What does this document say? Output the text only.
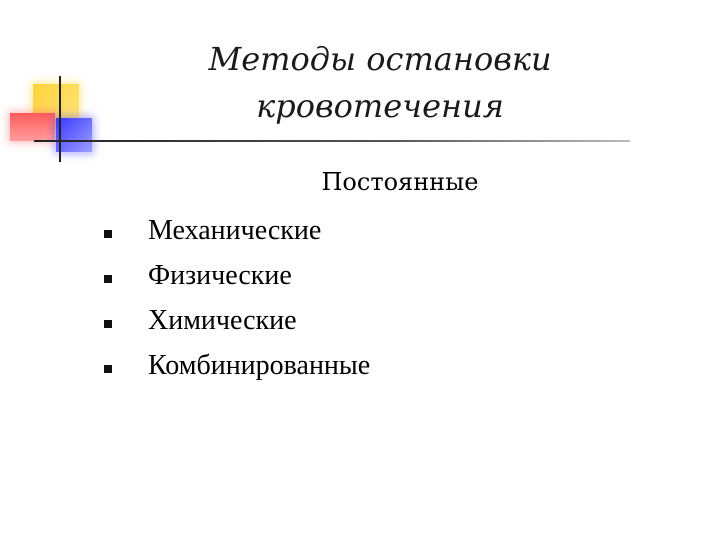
Методы остановки
кровотечения

Постоянные

Механические
Физические
Химические
Комбинированные
